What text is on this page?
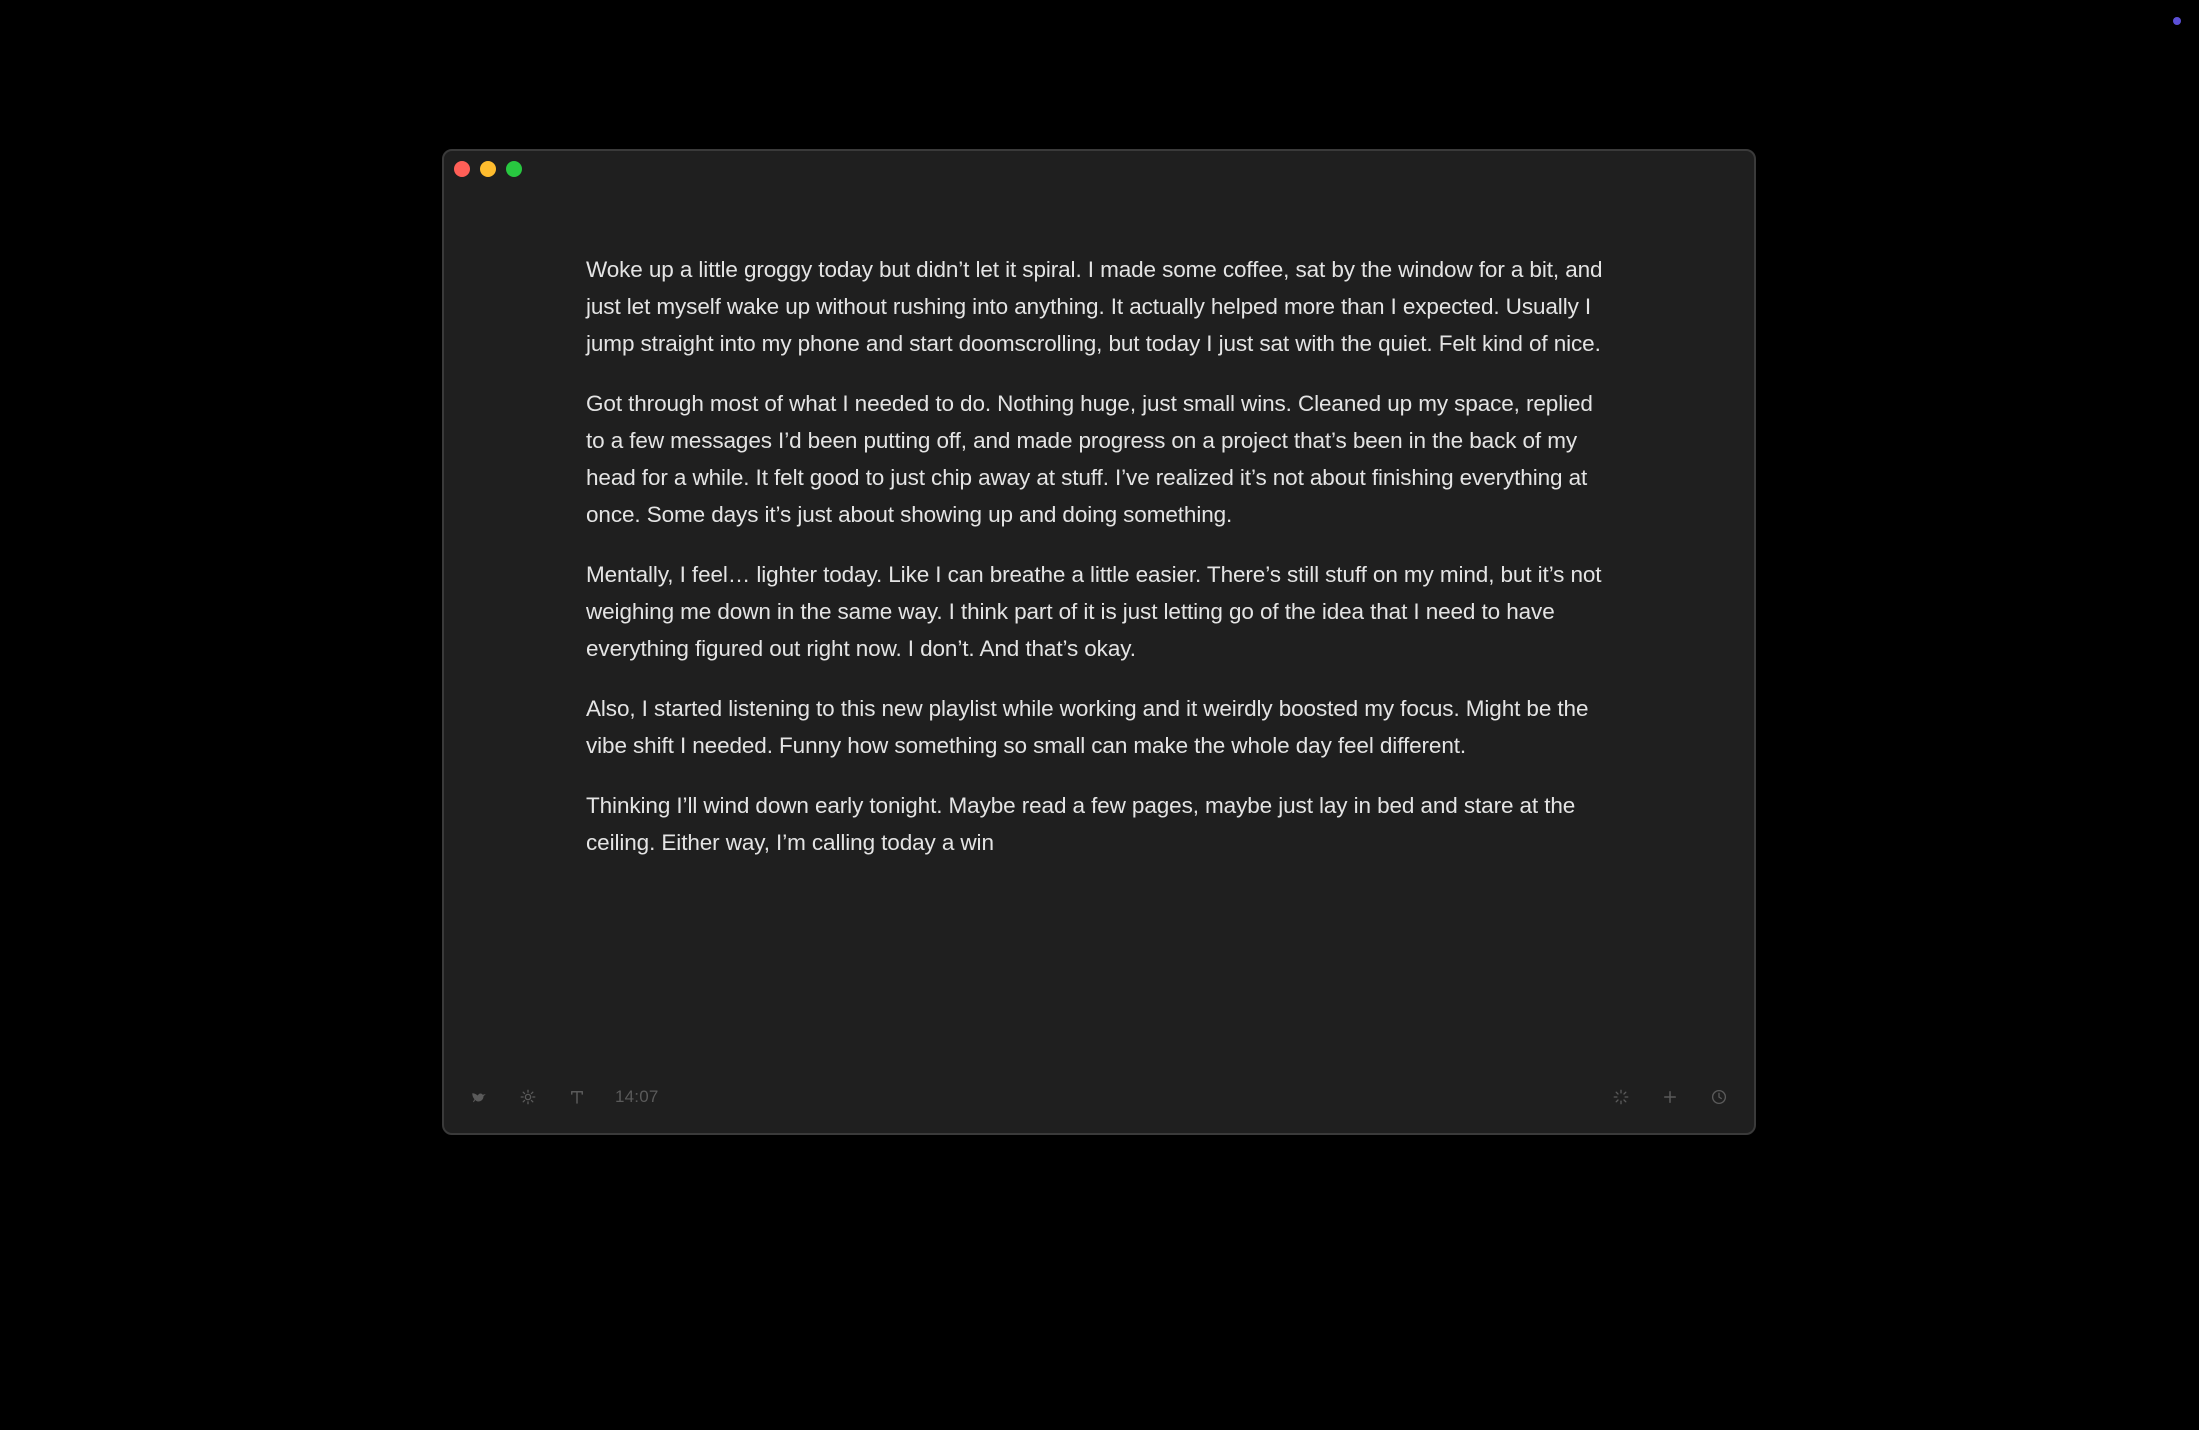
Woke up a little groggy today but didn’t let it spiral. I made some coffee, sat by the window for a bit, and just let myself wake up without rushing into anything. It actually helped more than I expected. Usually I jump straight into my phone and start doomscrolling, but today I just sat with the quiet. Felt kind of nice.

Got through most of what I needed to do. Nothing huge, just small wins. Cleaned up my space, replied to a few messages I’d been putting off, and made progress on a project that’s been in the back of my head for a while. It felt good to just chip away at stuff. I’ve realized it’s not about finishing everything at once. Some days it’s just about showing up and doing something.

Mentally, I feel… lighter today. Like I can breathe a little easier. There’s still stuff on my mind, but it’s not weighing me down in the same way. I think part of it is just letting go of the idea that I need to have everything figured out right now. I don’t. And that’s okay.

Also, I started listening to this new playlist while working and it weirdly boosted my focus. Might be the vibe shift I needed. Funny how something so small can make the whole day feel different.

Thinking I’ll wind down early tonight. Maybe read a few pages, maybe just lay in bed and stare at the ceiling. Either way, I’m calling today a win

14:07
